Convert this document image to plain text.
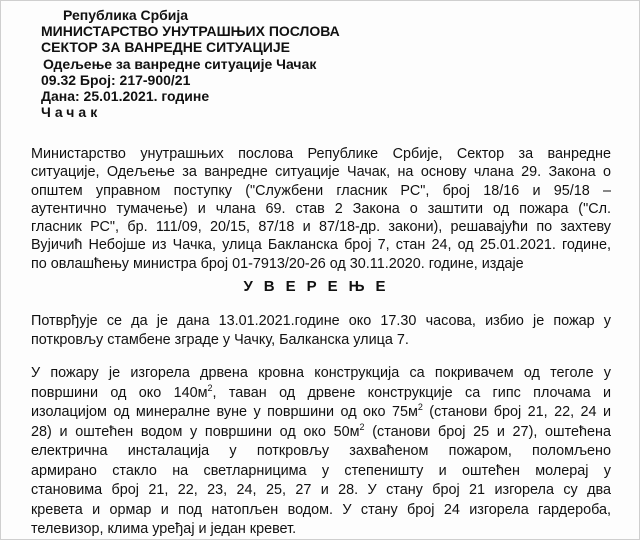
Република Србија
МИНИСТАРСТВО УНУТРАШЊИХ ПОСЛОВА
СЕКТОР ЗА ВАНРЕДНЕ СИТУАЦИЈЕ
Одељење за ванредне ситуације Чачак
09.32 Број: 217-900/21
Дана: 25.01.2021. године
Чачак
Министарство унутрашњих послова Републике Србије, Сектор за ванредне
ситуације, Одељење за ванредне ситуације Чачак, на основу члана 29. Закона о
општем управном поступку ("Службени гласник РС", број 18/16 и 95/18 –
аутентично тумачење) и члана 69. став 2 Закона о заштити од пожара ("Сл.
гласник РС", бр. 111/09, 20/15, 87/18 и 87/18-др. закони), решавајући по захтеву
Вујичић Небојше из Чачка, улица Бакланска број 7, стан 24, од 25.01.2021. године,
по овлашћењу министра број 01-7913/20-26 од 30.11.2020. године, издаје
УВЕРЕЊЕ
Потврђује се да је дана 13.01.2021.године око 17.30 часова, избио је пожар у
поткровљу стамбене зграде у Чачку, Балканска улица 7.
У пожару је изгорела дрвена кровна конструкција са покривачем од теголе у
површини од око $140м^2$, таван од дрвене конструкције са гипс плочама и
изолацијом од минералне вуне у површини од око $75м^2$ (станови број 21, 22, 24 и
28) и оштећен водом у површини од око $50м^2$ (станови број 25 и 27), оштећена
електрична инсталација у поткровљу захваћеном пожаром, поломљено
армирано стакло на светларницима у степеништу и оштећен молерај у
становима број 21, 22, 23, 24, 25, 27 и 28. У стану број 21 изгорела су два
кревета и ормар и под натопљен водом. У стану број 24 изгорела гардероба,
телевизор, клима уређај и један кревет.
